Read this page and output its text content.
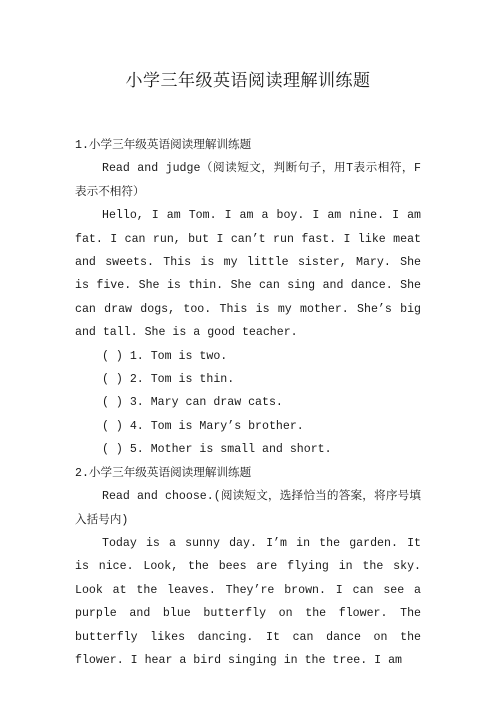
小学三年级英语阅读理解训练题

1.小学三年级英语阅读理解训练题

Read and judge（阅读短文，判断句子，用T表示相符，F表示不相符）

Hello, I am Tom. I am a boy. I am nine. I am fat. I can run, but I can’t run fast. I like meat and sweets. This is my little sister, Mary. She is five. She is thin. She can sing and dance. She can draw dogs, too. This is my mother. She’s big and tall. She is a good teacher.

( ) 1. Tom is two.

( ) 2. Tom is thin.

( ) 3. Mary can draw cats.

( ) 4. Tom is Mary’s brother.

( ) 5. Mother is small and short.

2.小学三年级英语阅读理解训练题

Read and choose.(阅读短文，选择恰当的答案，将序号填入括号内)

Today is a sunny day. I’m in the garden. It is nice. Look, the bees are flying in the sky. Look at the leaves. They’re brown. I can see a purple and blue butterfly on the flower. The butterfly likes dancing. It can dance on the flower. I hear a bird singing in the tree. I am
